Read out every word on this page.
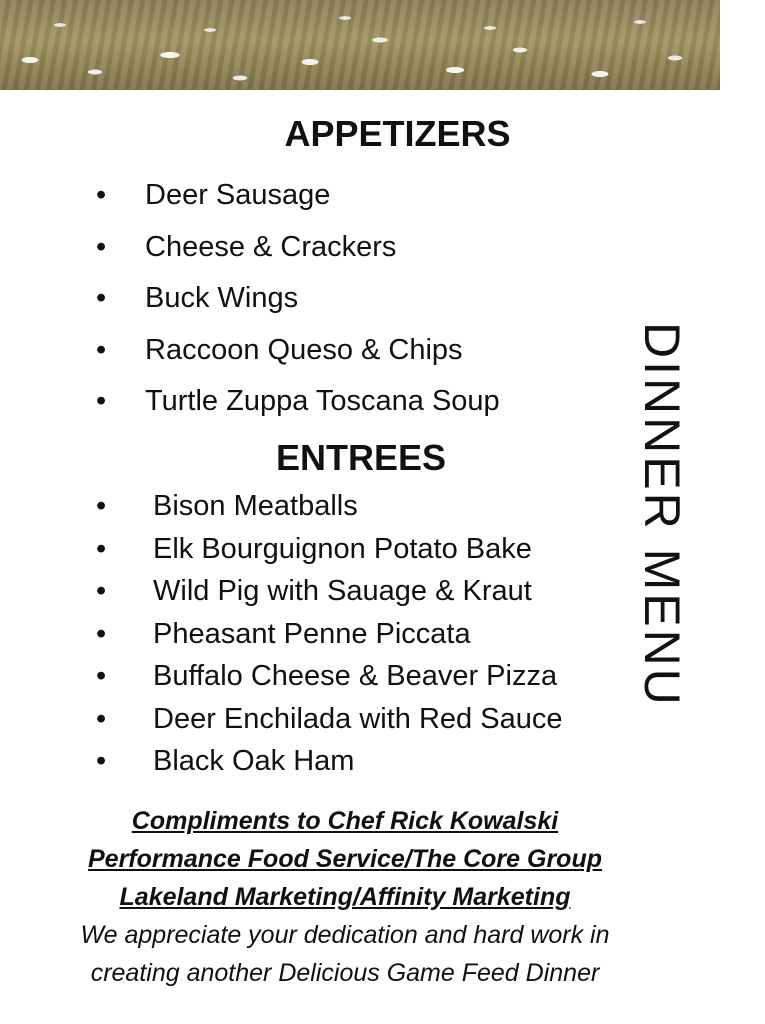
APPETIZERS
• Deer Sausage
• Cheese & Crackers
• Buck Wings
• Raccoon Queso & Chips
• Turtle Zuppa Toscana Soup
ENTREES
• Bison Meatballs
• Elk Bourguignon Potato Bake
• Wild Pig with Sauage & Kraut
• Pheasant Penne Piccata
• Buffalo Cheese & Beaver Pizza
• Deer Enchilada with Red Sauce
• Black Oak Ham
DINNER MENU
Compliments to Chef Rick Kowalski
Performance Food Service/The Core Group
Lakeland Marketing/Affinity Marketing
We appreciate your dedication and hard work in
creating another Delicious Game Feed Dinner
